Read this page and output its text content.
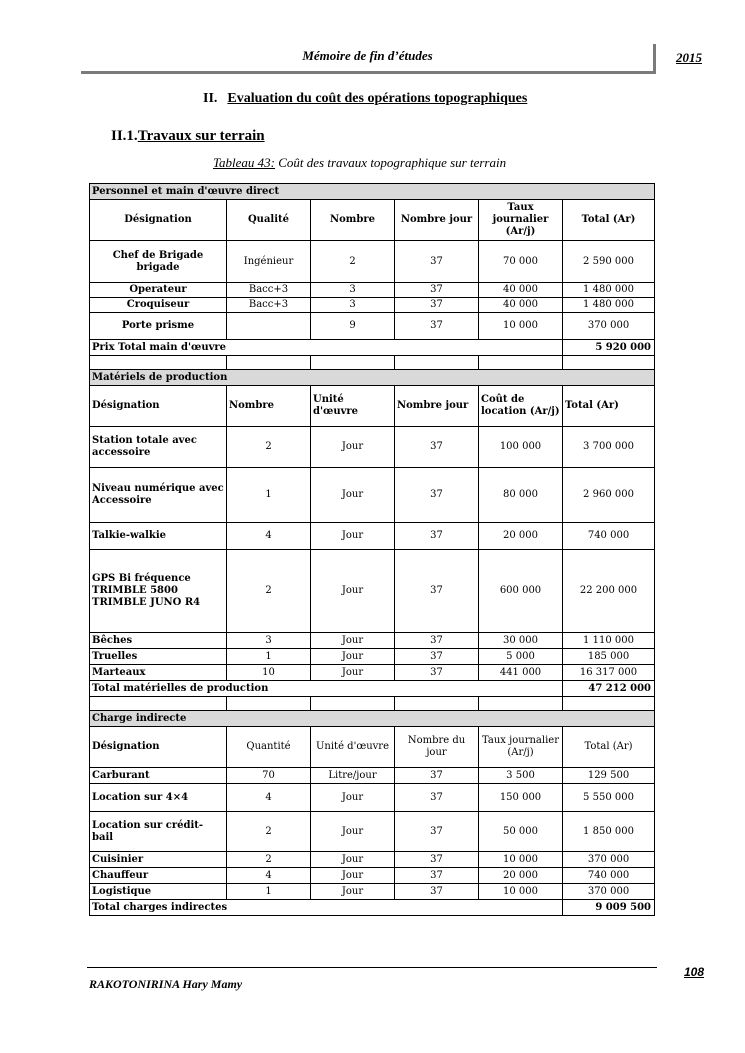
Mémoire de fin d’études	2015
II. Evaluation du coût des opérations topographiques
II.1.Travaux sur terrain
Tableau 43: Coût des travaux topographique sur terrain
Personnel et main d'œuvre direct					
Désignation	Qualité	Nombre	Nombre jour	Taux journalier (Ar/j)	Total (Ar)
Chef de Brigade brigade	Ingénieur	2	37	70 000	2 590 000
Operateur	Bacc+3	3	37	40 000	1 480 000
Croquiseur	Bacc+3	3	37	40 000	1 480 000
Porte prisme		9	37	10 000	370 000
Prix Total main d'œuvre					5 920 000

Matériels de production					
Désignation	Nombre	Unité d'œuvre	Nombre jour	Coût de location (Ar/j)	Total (Ar)
Station totale avec accessoire	2	Jour	37	100 000	3 700 000
Niveau numérique avec Accessoire	1	Jour	37	80 000	2 960 000
Talkie-walkie	4	Jour	37	20 000	740 000
GPS Bi fréquence TRIMBLE 5800 TRIMBLE JUNO R4	2	Jour	37	600 000	22 200 000
Bêches	3	Jour	37	30 000	1 110 000
Truelles	1	Jour	37	5 000	185 000
Marteaux	10	Jour	37	441 000	16 317 000
Total matérielles de production					47 212 000

Charge indirecte					
Désignation	Quantité	Unité d'œuvre	Nombre du jour	Taux journalier (Ar/j)	Total (Ar)
Carburant	70	Litre/jour	37	3 500	129 500
Location sur 4×4	4	Jour	37	150 000	5 550 000
Location sur crédit-bail	2	Jour	37	50 000	1 850 000
Cuisinier	2	Jour	37	10 000	370 000
Chauffeur	4	Jour	37	20 000	740 000
Logistique	1	Jour	37	10 000	370 000
Total charges indirectes					9 009 500
108
RAKOTONIRINA Hary Mamy
